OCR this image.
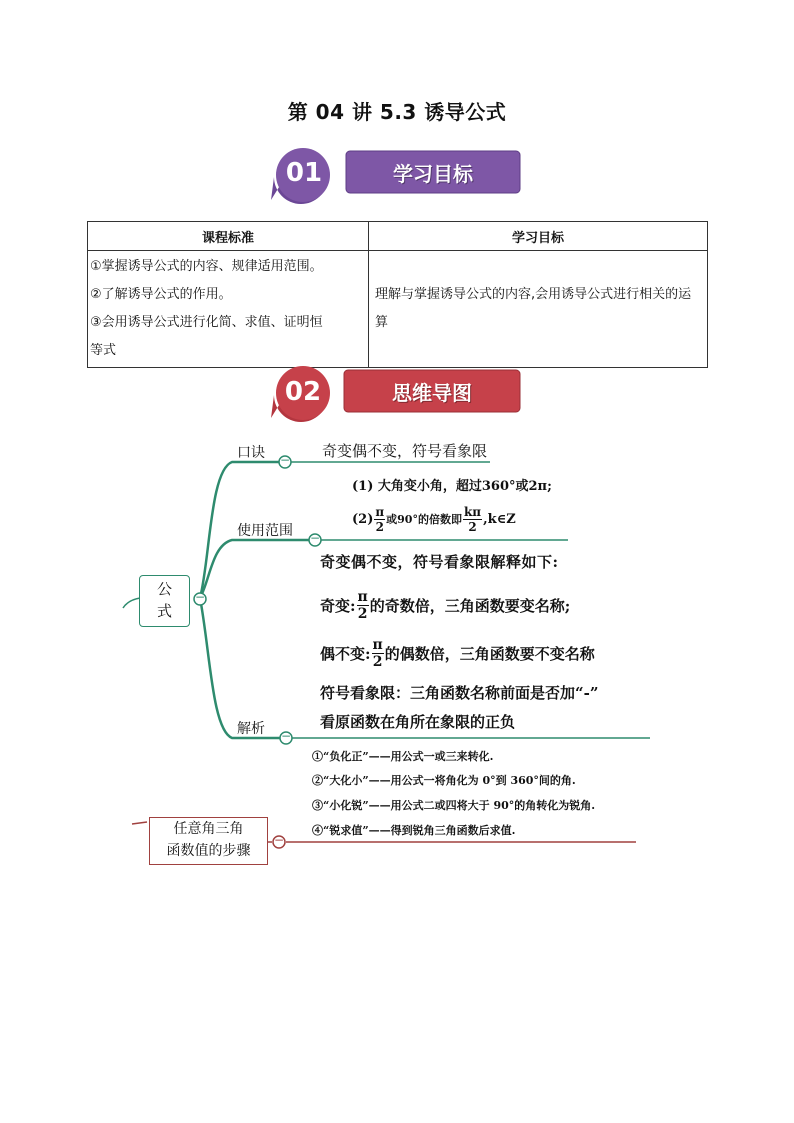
第 04 讲 5.3 诱导公式
01	学习目标
课程标准	学习目标

①掌握诱导公式的内容、规律适用范围。
②了解诱导公式的作用。
③会用诱导公式进行化简、求值、证明恒
等式	理解与掌握诱导公式的内容,会用诱导公式进行相关的运算
02	思维导图
−
−
−
−
−
公式
口诀
使用范围
解析
奇变偶不变，符号看象限
(1) 大角变小角，超过360°或2π;
$(2) \frac{\pi}{2}$ 或90°的倍数即 $\frac{k\pi}{2}$ ,k∈Z
奇变偶不变，符号看象限解释如下:
奇变: $\frac{\pi}{2}$ 的奇数倍，三角函数要变名称;
偶不变: $\frac{\pi}{2}$ 的偶数倍，三角函数要不变名称
符号看象限：三角函数名称前面是否加“-”
看原函数在角所在象限的正负
①“负化正”——用公式一或三来转化.
②“大化小”——用公式一将角化为 0°到 360°间的角.
③“小化锐”——用公式二或四将大于 90°的角转化为锐角.
④“锐求值”——得到锐角三角函数后求值.
任意角三角
函数值的步骤
